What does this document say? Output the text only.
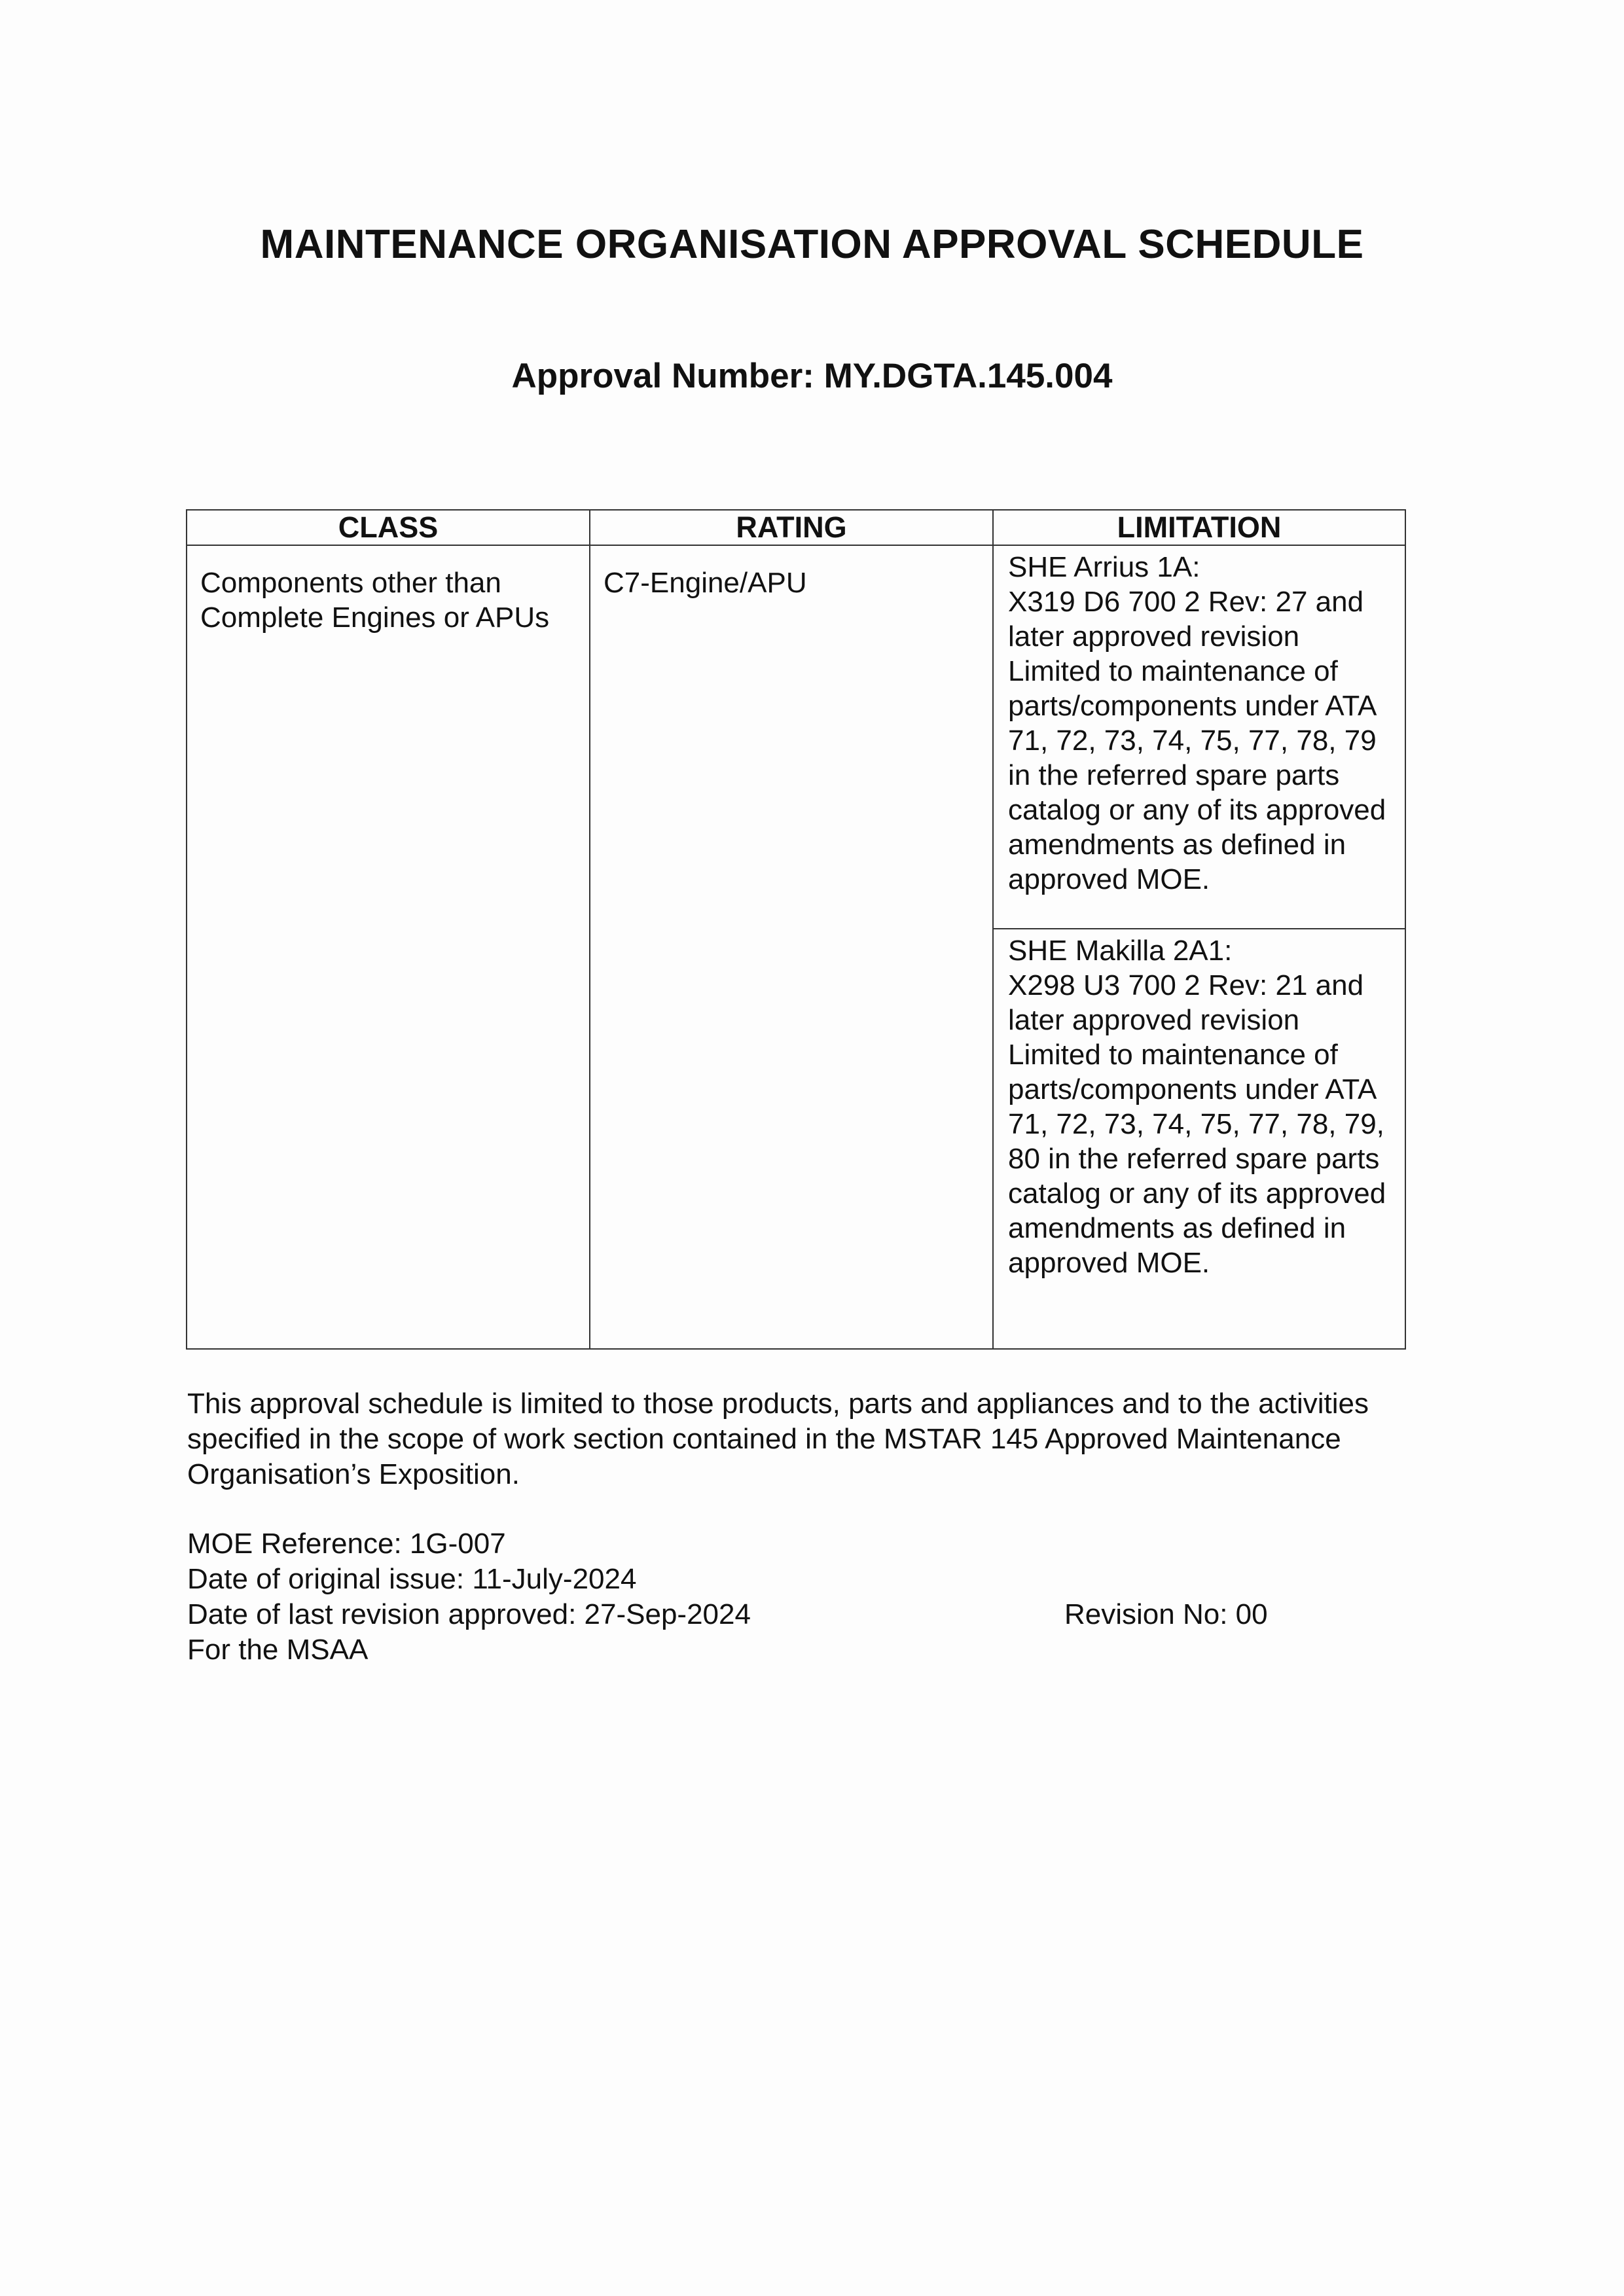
MAINTENANCE ORGANISATION APPROVAL SCHEDULE
Approval Number: MY.DGTA.145.004
CLASS	RATING	LIMITATION

Components other than Complete Engines or APUs	C7-Engine/APU	SHE Arrius 1A:
X319 D6 700 2 Rev: 27 and later approved revision
Limited to maintenance of parts/components under ATA 71, 72, 73, 74, 75, 77, 78, 79 in the referred spare parts catalog or any of its approved amendments as defined in approved MOE.

		SHE Makilla 2A1:
X298 U3 700 2 Rev: 21 and later approved revision
Limited to maintenance of parts/components under ATA 71, 72, 73, 74, 75, 77, 78, 79, 80 in the referred spare parts catalog or any of its approved amendments as defined in approved MOE.

This approval schedule is limited to those products, parts and appliances and to the activities specified in the scope of work section contained in the MSTAR 145 Approved Maintenance Organisation’s Exposition.

MOE Reference: 1G-007
Date of original issue: 11-July-2024
Date of last revision approved: 27-Sep-2024
For the MSAA
Revision No: 00
